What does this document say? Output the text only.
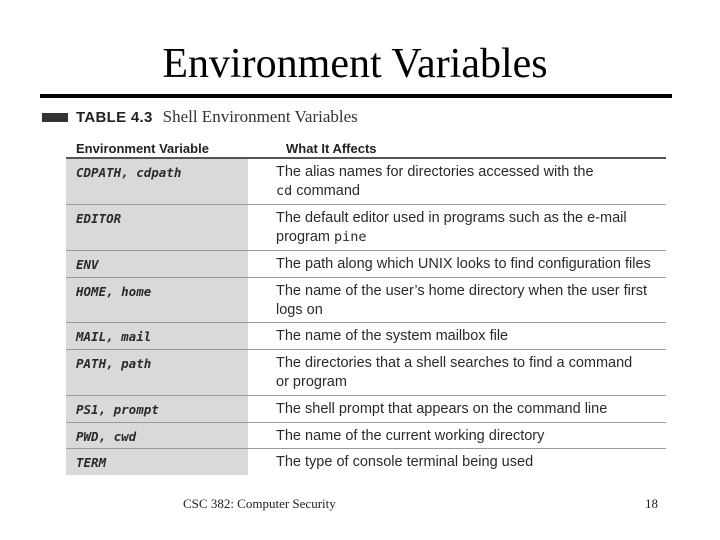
Environment Variables
TABLE 4.3 Shell Environment Variables
Environment Variable	What It Affects
CDPATH, cdpath	The alias names for directories accessed with the
cd command
EDITOR	The default editor used in programs such as the e-mail
program pine
ENV	The path along which UNIX looks to find configuration files
HOME, home	The name of the user’s home directory when the user first
logs on
MAIL, mail	The name of the system mailbox file
PATH, path	The directories that a shell searches to find a command
or program
PS1, prompt	The shell prompt that appears on the command line
PWD, cwd	The name of the current working directory
TERM	The type of console terminal being used
CSC 382: Computer Security	18
